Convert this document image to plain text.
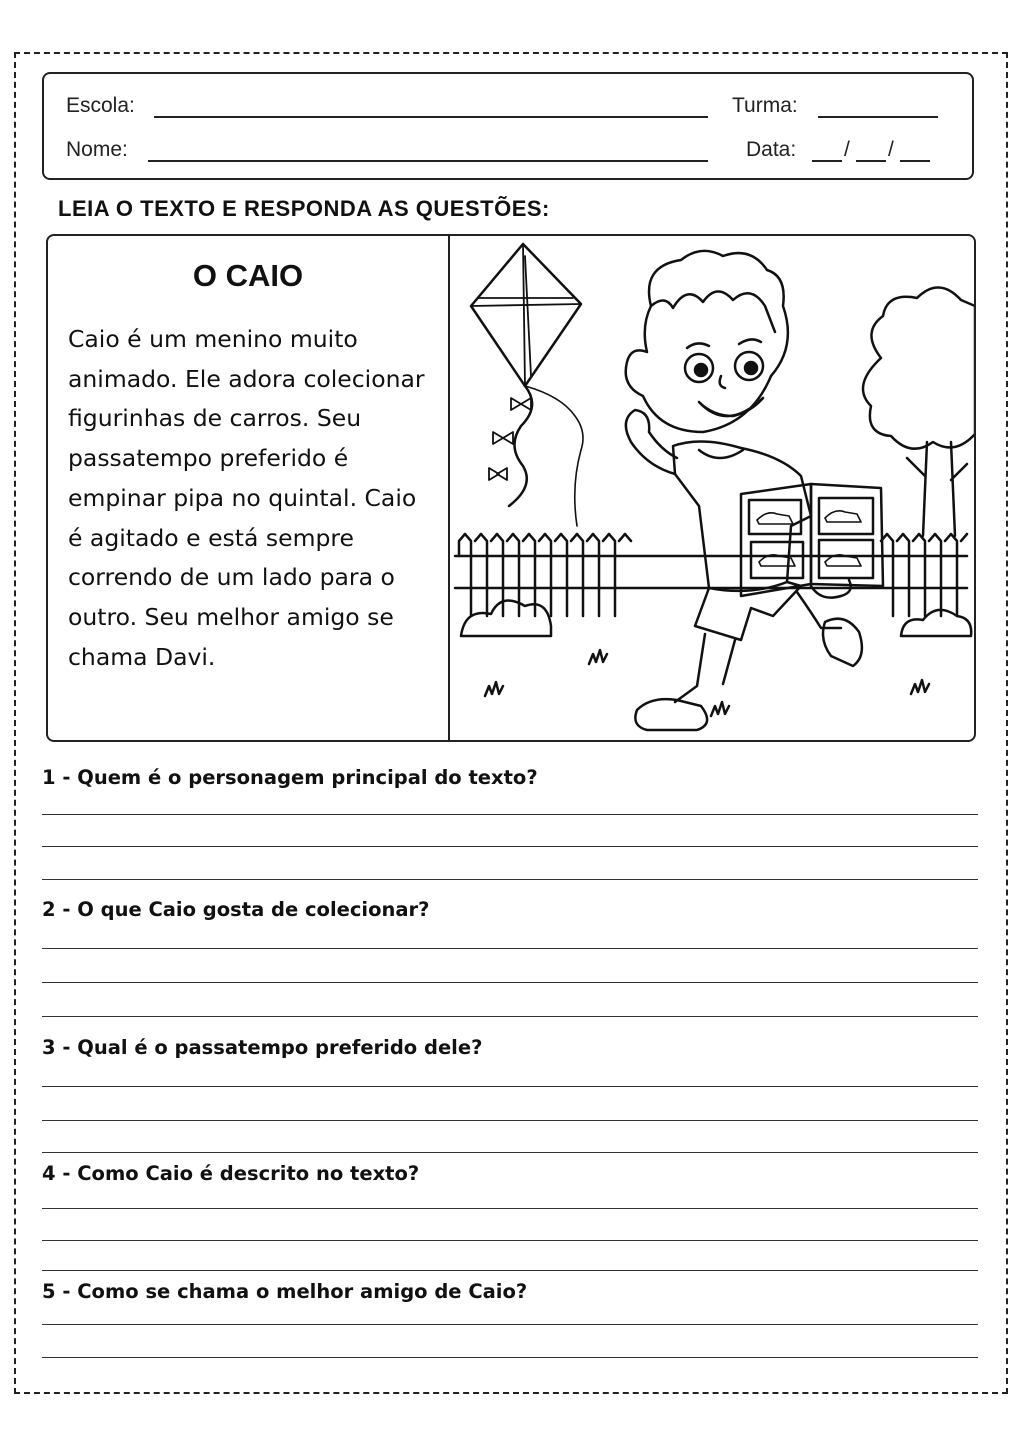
Escola:	Turma:
Nome:	Data: / /
LEIA O TEXTO E RESPONDA AS QUESTÕES:
O CAIO
Caio é um menino muito
animado. Ele adora colecionar
figurinhas de carros. Seu
passatempo preferido é
empinar pipa no quintal. Caio
é agitado e está sempre
correndo de um lado para o
outro. Seu melhor amigo se
chama Davi.
1 - Quem é o personagem principal do texto?
2 - O que Caio gosta de colecionar?
3 - Qual é o passatempo preferido dele?
4 - Como Caio é descrito no texto?
5 - Como se chama o melhor amigo de Caio?
